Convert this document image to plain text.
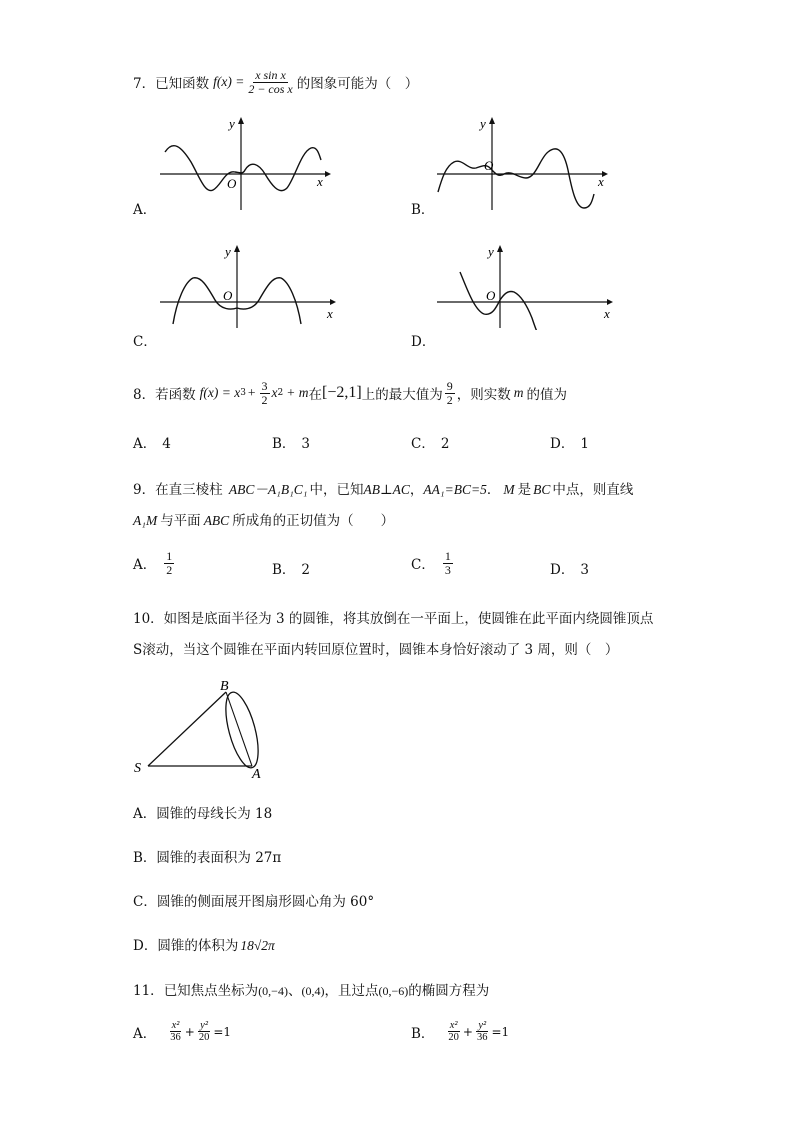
7． 已知函数 $f(x) = \frac{\text{x sin x}}{\text{2 − cos x}}$ 的图象可能为（　）
x
y
O
A．
x
y
O
B．
x
y
O
C．
x
y
O
D．
8． 若函数 f(x) = x $3 + \frac{3}{2}$ x 2 + m 在 [−2,1] 上的最大值为 $\frac{9}{2}$ ，则实数 m 的值为
A． 4	B． 3	C． 2	D． 1
9．在直三棱柱 ABC－A₁B₁C₁ 中，已知AB⊥AC，AA₁=BC=5． M 是 BC 中点，则直线
A₁M 与平面 ABC 所成角的正切值为（　　）
A． $\frac{1}{2}$	B． 2	C． $\frac{1}{3}$	D． 3
10．如图是底面半径为 3 的圆锥，将其放倒在一平面上，使圆锥在此平面内绕圆锥顶点
S滚动，当这个圆锥在平面内转回原位置时，圆锥本身恰好滚动了 3 周，则（　）
B
S	A
A．圆锥的母线长为 18
B．圆锥的表面积为 27π
C．圆锥的侧面展开图扇形圆心角为 60°
D．圆锥的体积为 18√2π
11．已知焦点坐标为(0,−4)、(0,4)，且过点(0,−6)的椭圆方程为
A． $\frac{\text{x²}}{36} + \frac{\text{y²}}{20} =1$	B． $\frac{\text{x²}}{20} + \frac{\text{y²}}{36} =1$
